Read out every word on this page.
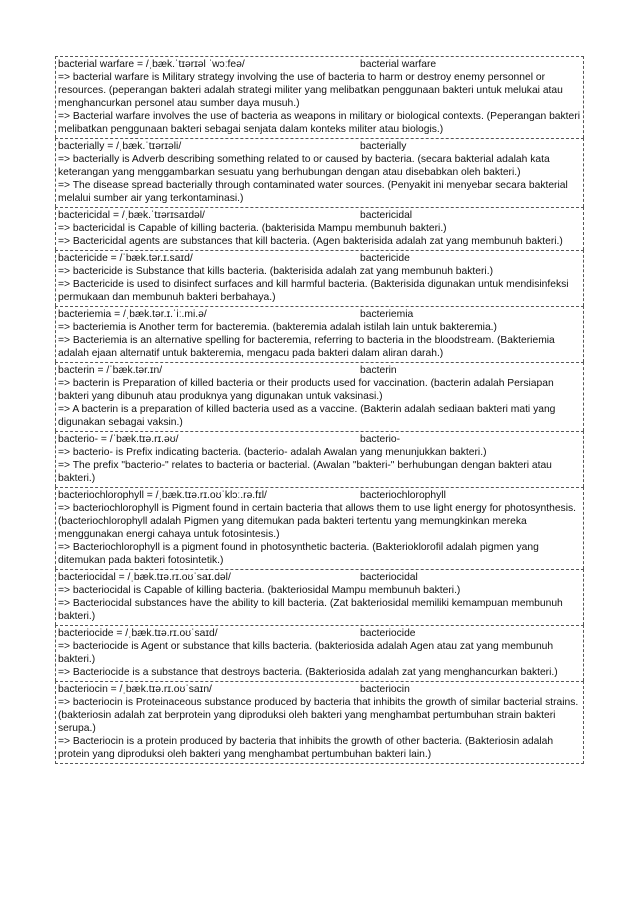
bacterial warfare = /ˌbæk.ˈtɪərɪəl ˈwɔːfeə/	bacterial warfare

=> bacterial warfare is Military strategy involving the use of bacteria to harm or destroy enemy personnel or resources. (peperangan bakteri adalah strategi militer yang melibatkan penggunaan bakteri untuk melukai atau menghancurkan personel atau sumber daya musuh.)

=> Bacterial warfare involves the use of bacteria as weapons in military or biological contexts. (Peperangan bakteri melibatkan penggunaan bakteri sebagai senjata dalam konteks militer atau biologis.)

bacterially = /ˌbæk.ˈtɪərɪəli/	bacterially

=> bacterially is Adverb describing something related to or caused by bacteria. (secara bakterial adalah kata keterangan yang menggambarkan sesuatu yang berhubungan dengan atau disebabkan oleh bakteri.)

=> The disease spread bacterially through contaminated water sources. (Penyakit ini menyebar secara bakterial melalui sumber air yang terkontaminasi.)

bactericidal = /ˌbæk.ˈtɪərɪsaɪdəl/	bactericidal

=> bactericidal is Capable of killing bacteria. (bakterisida Mampu membunuh bakteri.)

=> Bactericidal agents are substances that kill bacteria. (Agen bakterisida adalah zat yang membunuh bakteri.)

bactericide = /ˈbæk.tər.ɪ.saɪd/	bactericide

=> bactericide is Substance that kills bacteria. (bakterisida adalah zat yang membunuh bakteri.)

=> Bactericide is used to disinfect surfaces and kill harmful bacteria. (Bakterisida digunakan untuk mendisinfeksi permukaan dan membunuh bakteri berbahaya.)

bacteriemia = /ˌbæk.tər.ɪ.ˈiː.mi.ə/	bacteriemia

=> bacteriemia is Another term for bacteremia. (bakteremia adalah istilah lain untuk bakteremia.)

=> Bacteriemia is an alternative spelling for bacteremia, referring to bacteria in the bloodstream. (Bakteriemia adalah ejaan alternatif untuk bakteremia, mengacu pada bakteri dalam aliran darah.)

bacterin = /ˈbæk.tər.ɪn/	bacterin

=> bacterin is Preparation of killed bacteria or their products used for vaccination. (bacterin adalah Persiapan bakteri yang dibunuh atau produknya yang digunakan untuk vaksinasi.)

=> A bacterin is a preparation of killed bacteria used as a vaccine. (Bakterin adalah sediaan bakteri mati yang digunakan sebagai vaksin.)

bacterio- = /ˈbæk.tɪə.rɪ.əʊ/	bacterio-

=> bacterio- is Prefix indicating bacteria. (bacterio- adalah Awalan yang menunjukkan bakteri.)

=> The prefix "bacterio-" relates to bacteria or bacterial. (Awalan "bakteri-" berhubungan dengan bakteri atau bakteri.)

bacteriochlorophyll = /ˌbæk.tɪə.rɪ.oʊˈklɔː.rə.fɪl/	bacteriochlorophyll

=> bacteriochlorophyll is Pigment found in certain bacteria that allows them to use light energy for photosynthesis. (bacteriochlorophyll adalah Pigmen yang ditemukan pada bakteri tertentu yang memungkinkan mereka menggunakan energi cahaya untuk fotosintesis.)

=> Bacteriochlorophyll is a pigment found in photosynthetic bacteria. (Bakterioklorofil adalah pigmen yang ditemukan pada bakteri fotosintetik.)

bacteriocidal = /ˌbæk.tɪə.rɪ.oʊˈsaɪ.dəl/	bacteriocidal

=> bacteriocidal is Capable of killing bacteria. (bakteriosidal Mampu membunuh bakteri.)

=> Bacteriocidal substances have the ability to kill bacteria. (Zat bakteriosidal memiliki kemampuan membunuh bakteri.)

bacteriocide = /ˌbæk.tɪə.rɪ.oʊˈsaɪd/	bacteriocide

=> bacteriocide is Agent or substance that kills bacteria. (bakteriosida adalah Agen atau zat yang membunuh bakteri.)

=> Bacteriocide is a substance that destroys bacteria. (Bakteriosida adalah zat yang menghancurkan bakteri.)

bacteriocin = /ˌbæk.tɪə.rɪ.oʊˈsaɪn/	bacteriocin

=> bacteriocin is Proteinaceous substance produced by bacteria that inhibits the growth of similar bacterial strains. (bakteriosin adalah zat berprotein yang diproduksi oleh bakteri yang menghambat pertumbuhan strain bakteri serupa.)

=> Bacteriocin is a protein produced by bacteria that inhibits the growth of other bacteria. (Bakteriosin adalah protein yang diproduksi oleh bakteri yang menghambat pertumbuhan bakteri lain.)
